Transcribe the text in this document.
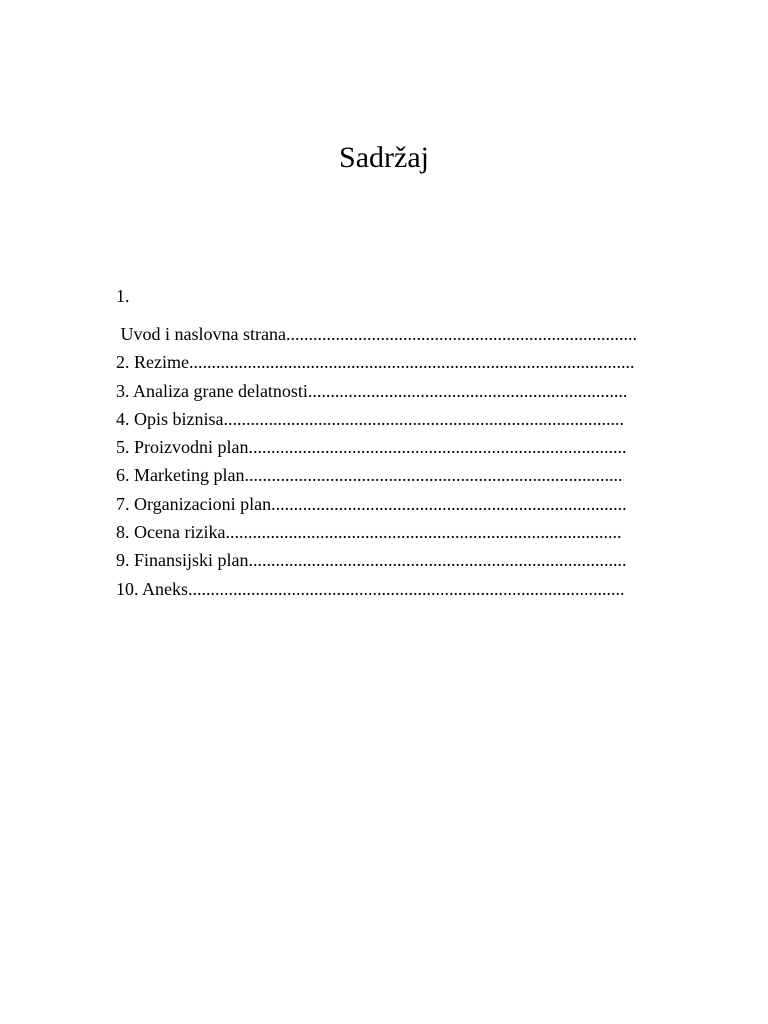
Sadržaj
1.
Uvod i naslovna strana..............................................................................
2. Rezime...................................................................................................
3. Analiza grane delatnosti.......................................................................
4. Opis biznisa.........................................................................................
5. Proizvodni plan....................................................................................
6. Marketing plan....................................................................................
7. Organizacioni plan...............................................................................
8. Ocena rizika........................................................................................
9. Finansijski plan....................................................................................
10. Aneks.................................................................................................
